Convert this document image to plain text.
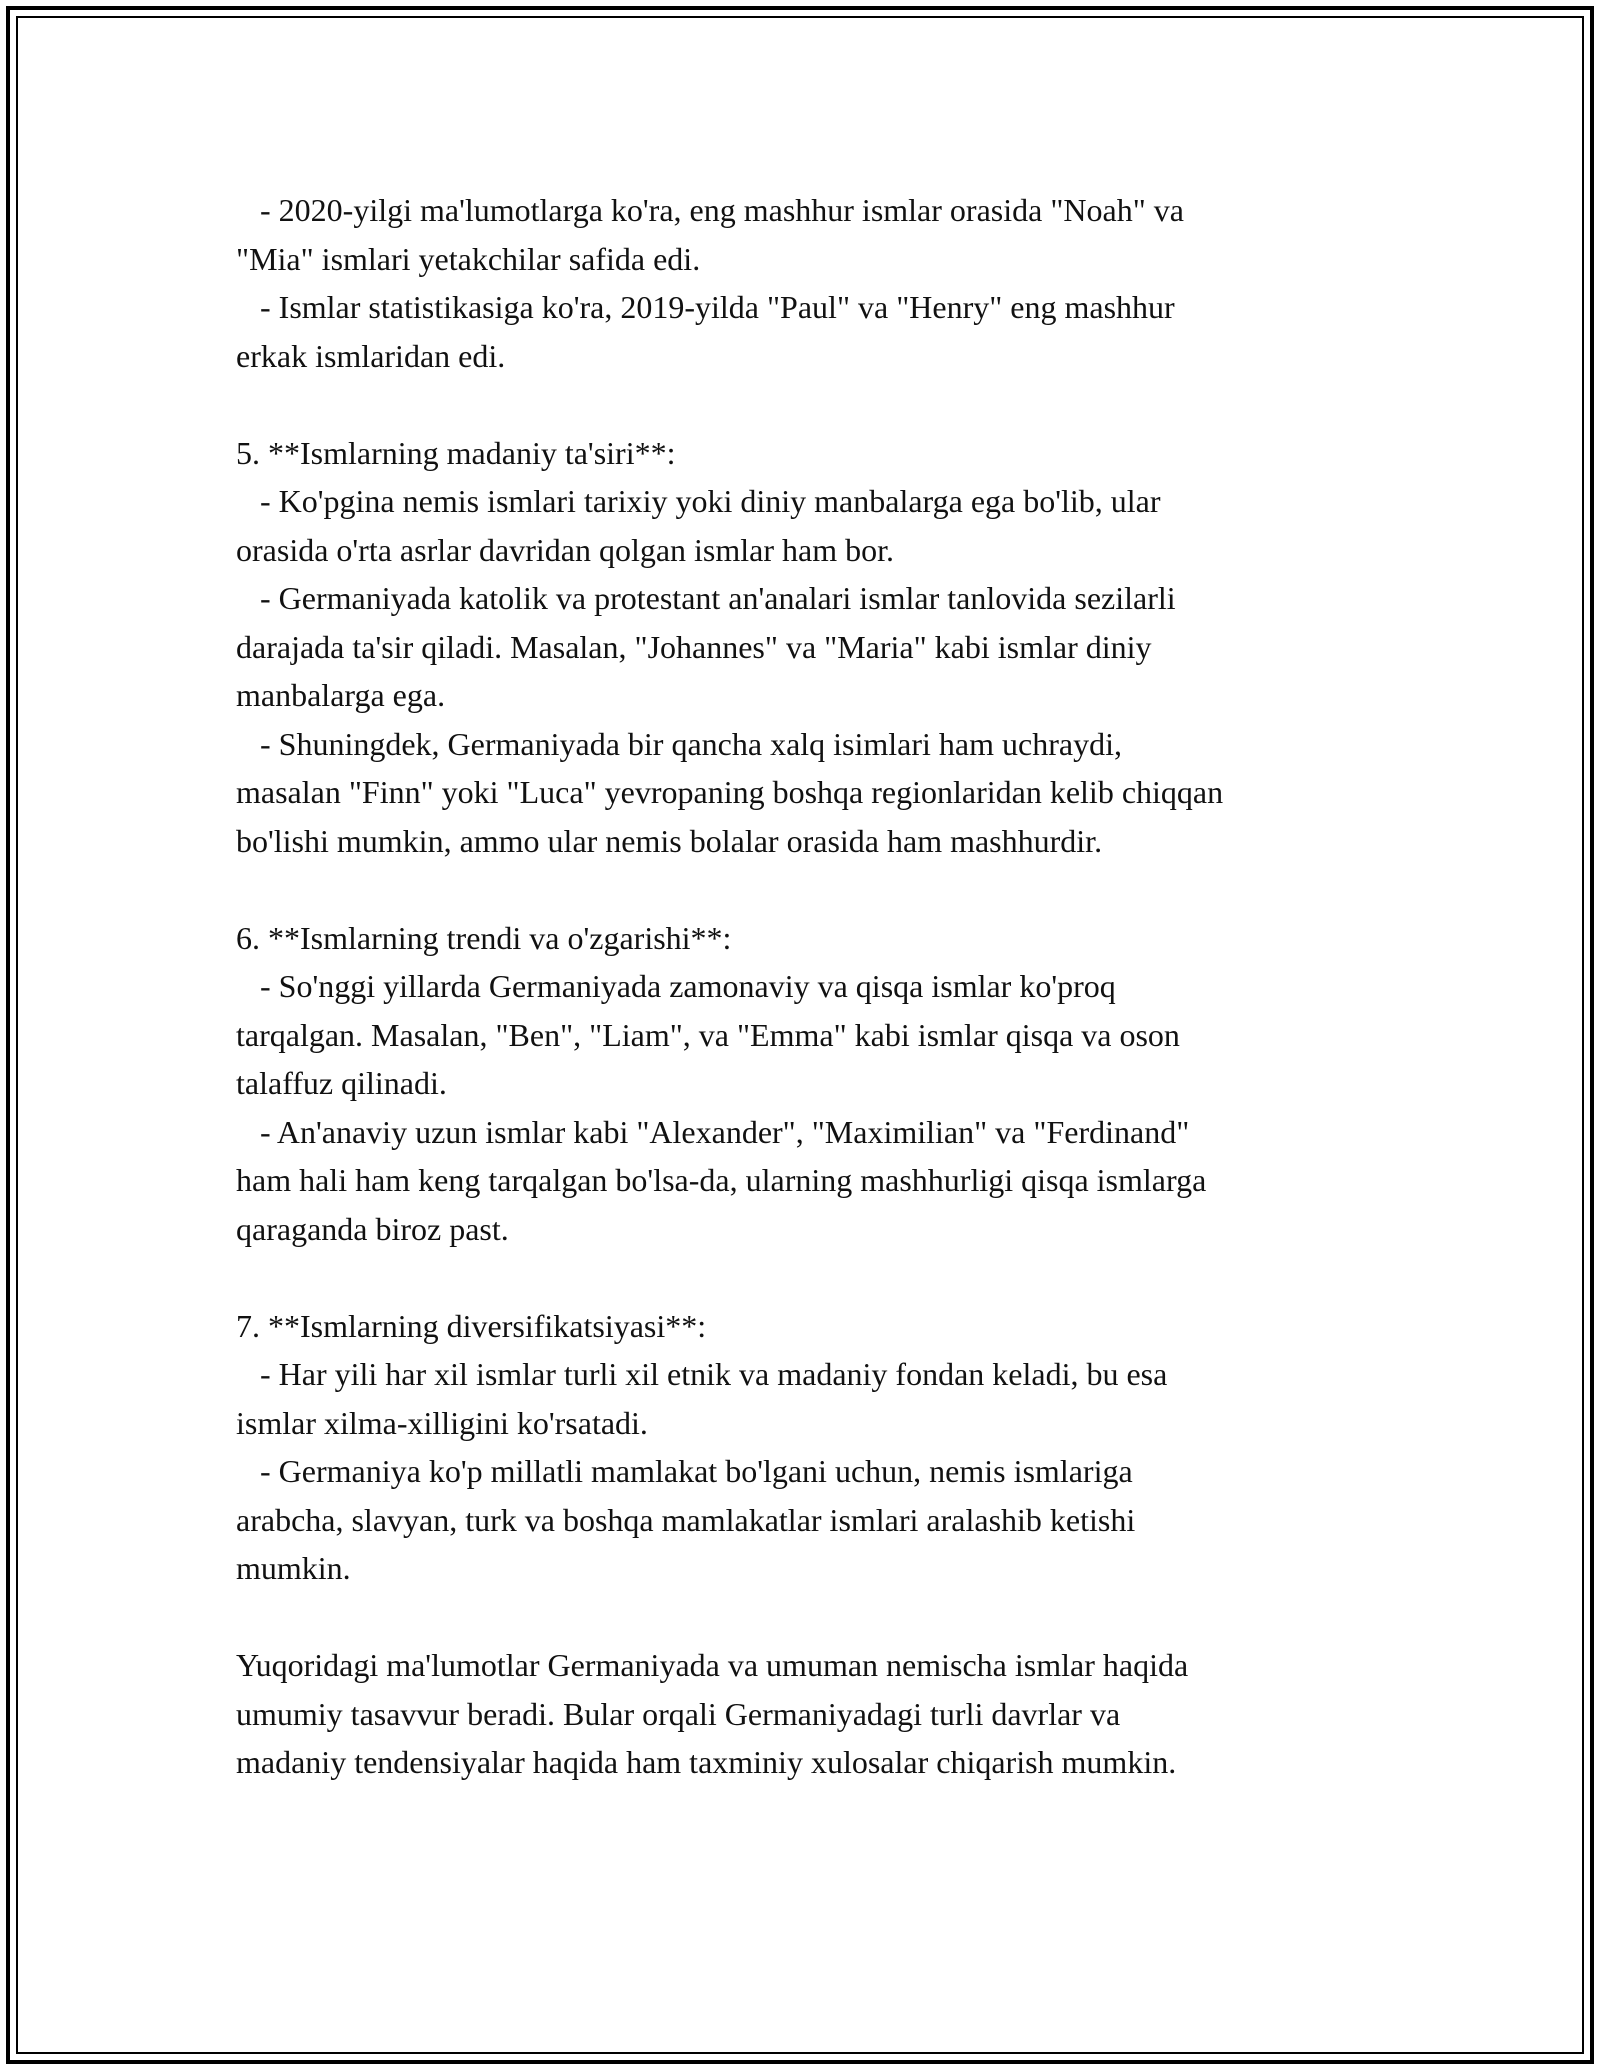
- 2020-yilgi ma'lumotlarga ko'ra, eng mashhur ismlar orasida "Noah" va

"Mia" ismlari yetakchilar safida edi.

- Ismlar statistikasiga ko'ra, 2019-yilda "Paul" va "Henry" eng mashhur

erkak ismlaridan edi.

5. **Ismlarning madaniy ta'siri**:

- Ko'pgina nemis ismlari tarixiy yoki diniy manbalarga ega bo'lib, ular

orasida o'rta asrlar davridan qolgan ismlar ham bor.

- Germaniyada katolik va protestant an'analari ismlar tanlovida sezilarli

darajada ta'sir qiladi. Masalan, "Johannes" va "Maria" kabi ismlar diniy

manbalarga ega.

- Shuningdek, Germaniyada bir qancha xalq isimlari ham uchraydi,

masalan "Finn" yoki "Luca" yevropaning boshqa regionlaridan kelib chiqqan

bo'lishi mumkin, ammo ular nemis bolalar orasida ham mashhurdir.

6. **Ismlarning trendi va o'zgarishi**:

- So'nggi yillarda Germaniyada zamonaviy va qisqa ismlar ko'proq

tarqalgan. Masalan, "Ben", "Liam", va "Emma" kabi ismlar qisqa va oson

talaffuz qilinadi.

- An'anaviy uzun ismlar kabi "Alexander", "Maximilian" va "Ferdinand"

ham hali ham keng tarqalgan bo'lsa-da, ularning mashhurligi qisqa ismlarga

qaraganda biroz past.

7. **Ismlarning diversifikatsiyasi**:

- Har yili har xil ismlar turli xil etnik va madaniy fondan keladi, bu esa

ismlar xilma-xilligini ko'rsatadi.

- Germaniya ko'p millatli mamlakat bo'lgani uchun, nemis ismlariga

arabcha, slavyan, turk va boshqa mamlakatlar ismlari aralashib ketishi

mumkin.

Yuqoridagi ma'lumotlar Germaniyada va umuman nemischa ismlar haqida

umumiy tasavvur beradi. Bular orqali Germaniyadagi turli davrlar va

madaniy tendensiyalar haqida ham taxminiy xulosalar chiqarish mumkin.
